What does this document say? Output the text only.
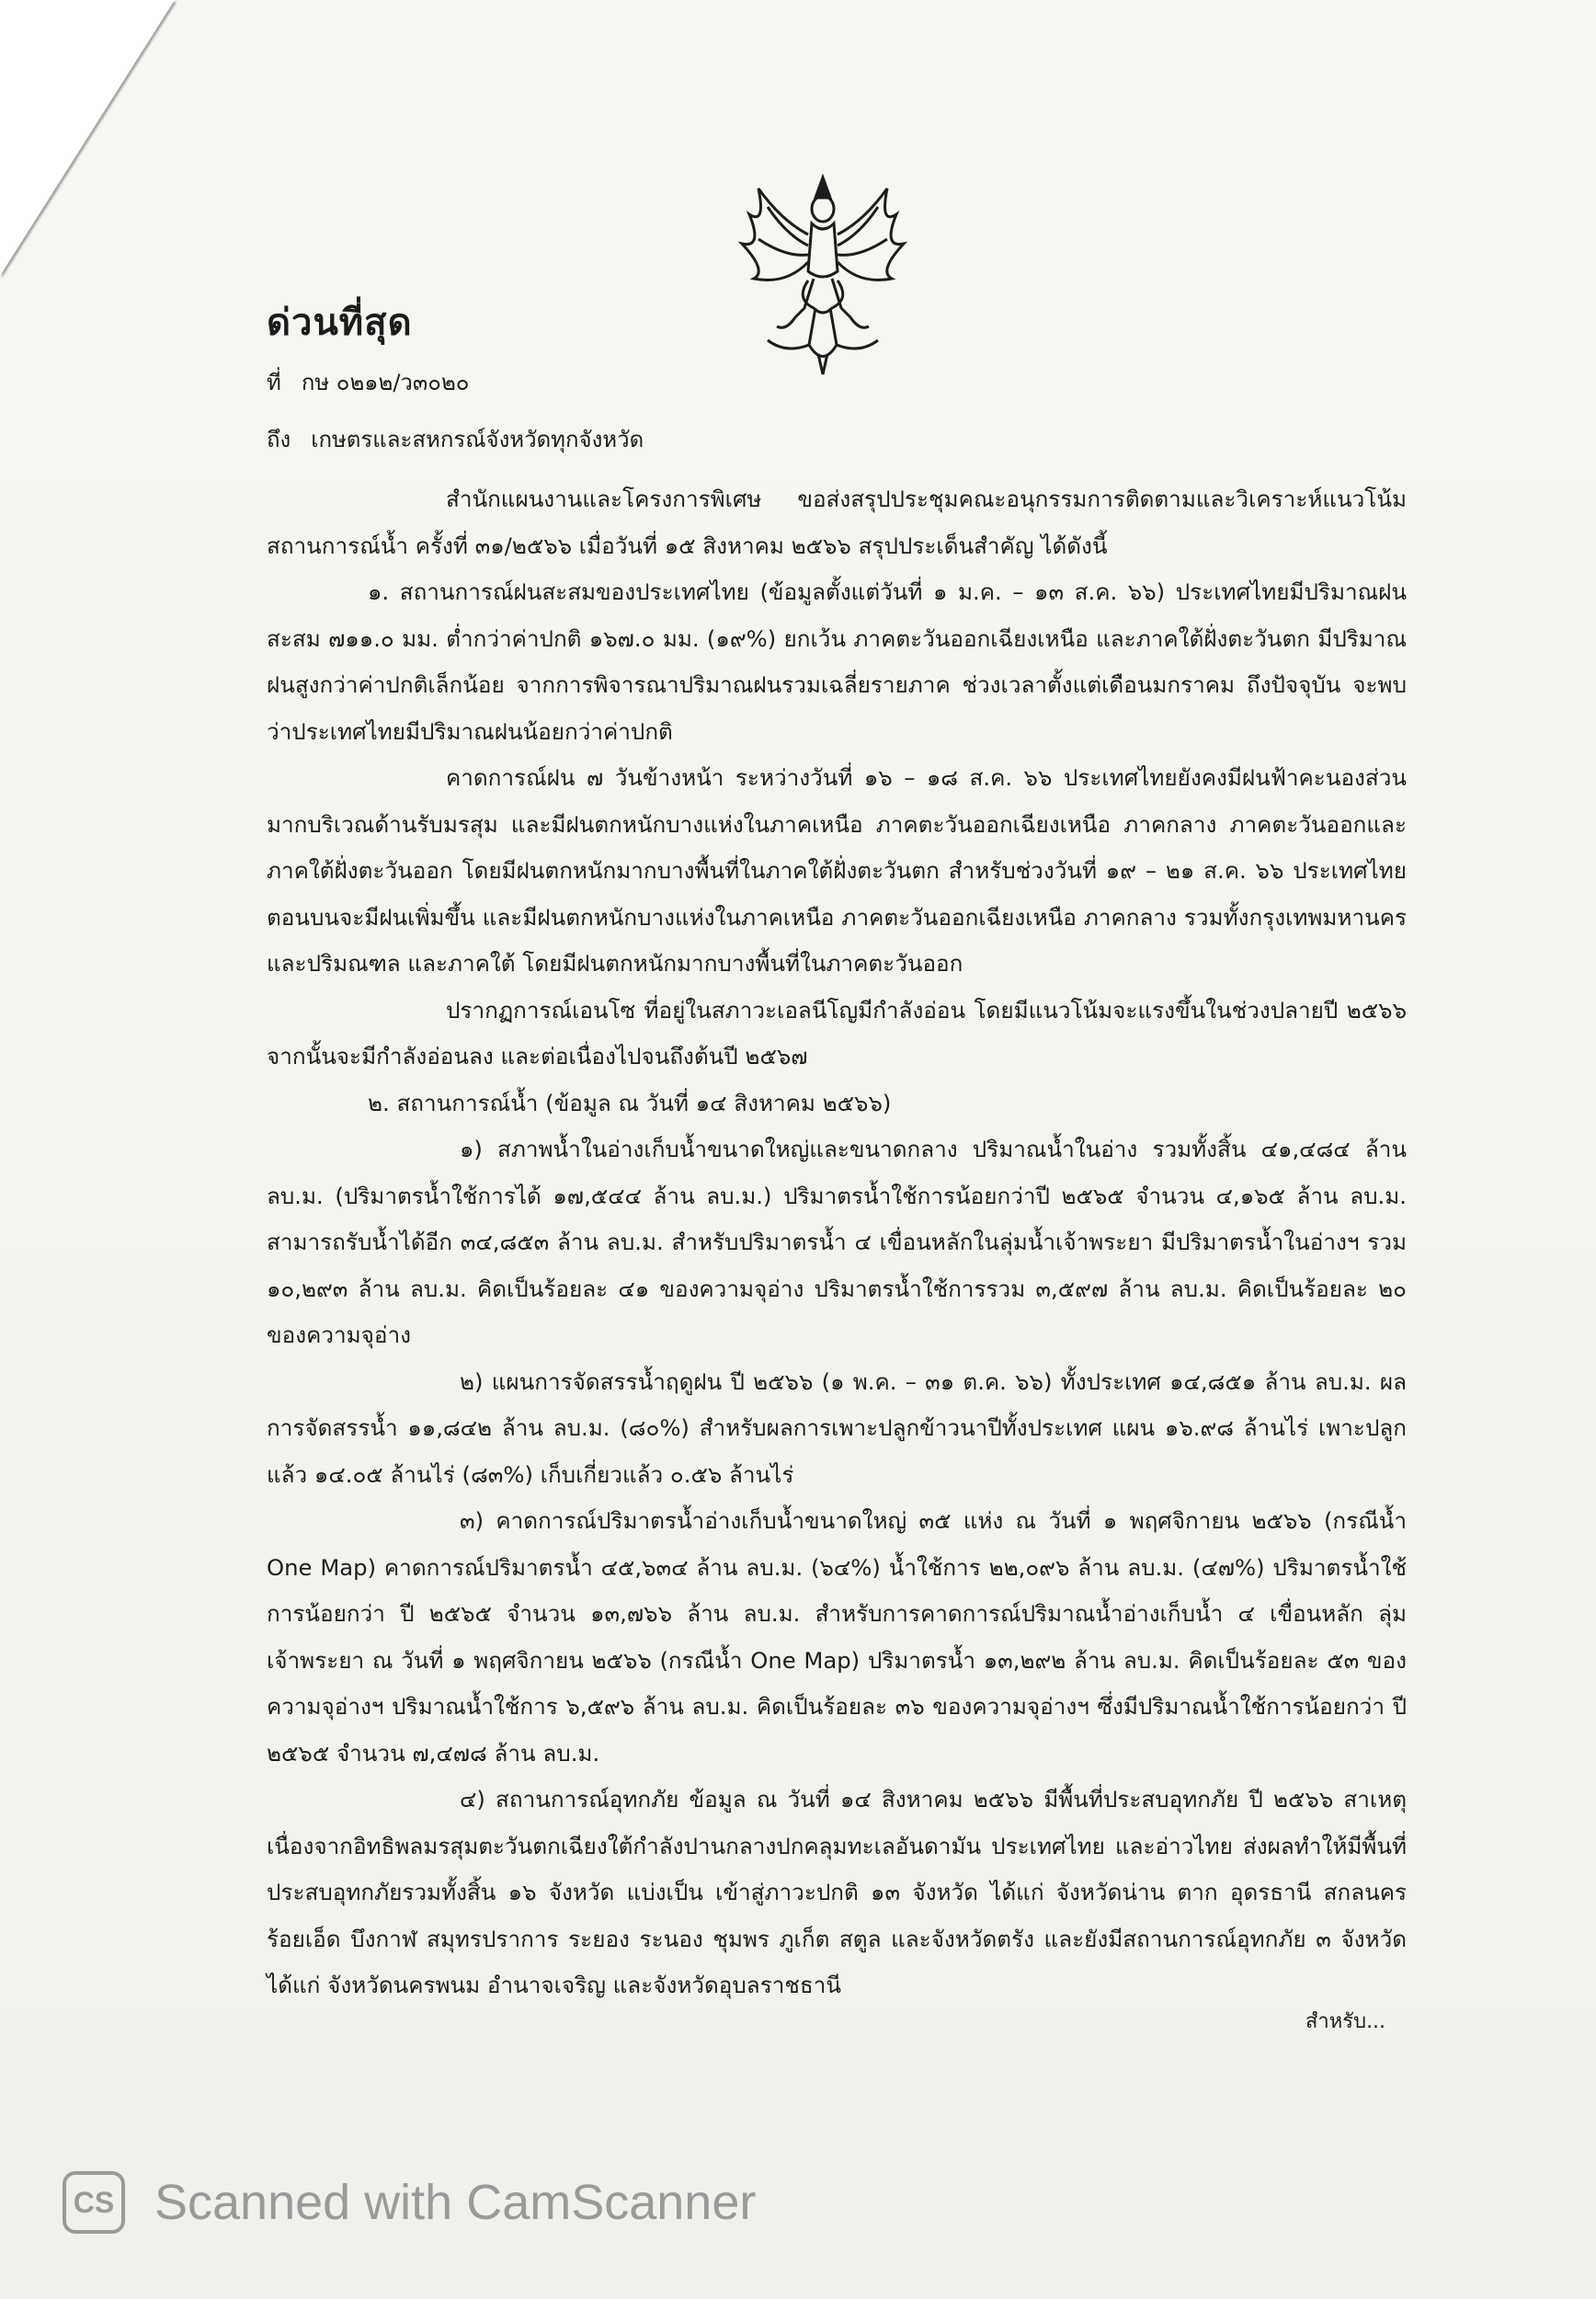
ด่วนที่สุด
ที่ กษ ๐๒๑๒/ว๓๐๒๐
ถึง เกษตรและสหกรณ์จังหวัดทุกจังหวัด

สำนักแผนงานและโครงการพิเศษ ขอส่งสรุปประชุมคณะอนุกรรมการติดตามและวิเคราะห์แนวโน้มสถานการณ์น้ำ ครั้งที่ ๓๑/๒๕๖๖ เมื่อวันที่ ๑๕ สิงหาคม ๒๕๖๖ สรุปประเด็นสำคัญ ได้ดังนี้

๑. สถานการณ์ฝนสะสมของประเทศไทย (ข้อมูลตั้งแต่วันที่ ๑ ม.ค. – ๑๓ ส.ค. ๖๖) ประเทศไทยมีปริมาณฝนสะสม ๗๑๑.๐ มม. ต่ำกว่าค่าปกติ ๑๖๗.๐ มม. (๑๙%) ยกเว้น ภาคตะวันออกเฉียงเหนือ และภาคใต้ฝั่งตะวันตก มีปริมาณฝนสูงกว่าค่าปกติเล็กน้อย จากการพิจารณาปริมาณฝนรวมเฉลี่ยรายภาค ช่วงเวลาตั้งแต่เดือนมกราคม ถึงปัจจุบัน จะพบว่าประเทศไทยมีปริมาณฝนน้อยกว่าค่าปกติ

คาดการณ์ฝน ๗ วันข้างหน้า ระหว่างวันที่ ๑๖ – ๑๘ ส.ค. ๖๖ ประเทศไทยยังคงมีฝนฟ้าคะนองส่วนมากบริเวณด้านรับมรสุม และมีฝนตกหนักบางแห่งในภาคเหนือ ภาคตะวันออกเฉียงเหนือ ภาคกลาง ภาคตะวันออกและภาคใต้ฝั่งตะวันออก โดยมีฝนตกหนักมากบางพื้นที่ในภาคใต้ฝั่งตะวันตก สำหรับช่วงวันที่ ๑๙ – ๒๑ ส.ค. ๖๖ ประเทศไทยตอนบนจะมีฝนเพิ่มขึ้น และมีฝนตกหนักบางแห่งในภาคเหนือ ภาคตะวันออกเฉียงเหนือ ภาคกลาง รวมทั้งกรุงเทพมหานครและปริมณฑล และภาคใต้ โดยมีฝนตกหนักมากบางพื้นที่ในภาคตะวันออก

ปรากฏการณ์เอนโซ ที่อยู่ในสภาวะเอลนีโญมีกำลังอ่อน โดยมีแนวโน้มจะแรงขึ้นในช่วงปลายปี ๒๕๖๖ จากนั้นจะมีกำลังอ่อนลง และต่อเนื่องไปจนถึงต้นปี ๒๕๖๗

๒. สถานการณ์น้ำ (ข้อมูล ณ วันที่ ๑๔ สิงหาคม ๒๕๖๖)

๑) สภาพน้ำในอ่างเก็บน้ำขนาดใหญ่และขนาดกลาง ปริมาณน้ำในอ่าง รวมทั้งสิ้น ๔๑,๔๘๔ ล้าน ลบ.ม. (ปริมาตรน้ำใช้การได้ ๑๗,๕๔๔ ล้าน ลบ.ม.) ปริมาตรน้ำใช้การน้อยกว่าปี ๒๕๖๕ จำนวน ๔,๑๖๕ ล้าน ลบ.ม. สามารถรับน้ำได้อีก ๓๔,๘๕๓ ล้าน ลบ.ม. สำหรับปริมาตรน้ำ ๔ เขื่อนหลักในลุ่มน้ำเจ้าพระยา มีปริมาตรน้ำในอ่างฯ รวม ๑๐,๒๙๓ ล้าน ลบ.ม. คิดเป็นร้อยละ ๔๑ ของความจุอ่าง ปริมาตรน้ำใช้การรวม ๓,๕๙๗ ล้าน ลบ.ม. คิดเป็นร้อยละ ๒๐ ของความจุอ่าง

๒) แผนการจัดสรรน้ำฤดูฝน ปี ๒๕๖๖ (๑ พ.ค. – ๓๑ ต.ค. ๖๖) ทั้งประเทศ ๑๔,๘๕๑ ล้าน ลบ.ม. ผลการจัดสรรน้ำ ๑๑,๘๔๒ ล้าน ลบ.ม. (๘๐%) สำหรับผลการเพาะปลูกข้าวนาปีทั้งประเทศ แผน ๑๖.๙๘ ล้านไร่ เพาะปลูกแล้ว ๑๔.๐๕ ล้านไร่ (๘๓%) เก็บเกี่ยวแล้ว ๐.๕๖ ล้านไร่

๓) คาดการณ์ปริมาตรน้ำอ่างเก็บน้ำขนาดใหญ่ ๓๕ แห่ง ณ วันที่ ๑ พฤศจิกายน ๒๕๖๖ (กรณีน้ำ One Map) คาดการณ์ปริมาตรน้ำ ๔๕,๖๓๔ ล้าน ลบ.ม. (๖๔%) น้ำใช้การ ๒๒,๐๙๖ ล้าน ลบ.ม. (๔๗%) ปริมาตรน้ำใช้การน้อยกว่า ปี ๒๕๖๕ จำนวน ๑๓,๗๖๖ ล้าน ลบ.ม. สำหรับการคาดการณ์ปริมาณน้ำอ่างเก็บน้ำ ๔ เขื่อนหลัก ลุ่มเจ้าพระยา ณ วันที่ ๑ พฤศจิกายน ๒๕๖๖ (กรณีน้ำ One Map) ปริมาตรน้ำ ๑๓,๒๙๒ ล้าน ลบ.ม. คิดเป็นร้อยละ ๕๓ ของความจุอ่างฯ ปริมาณน้ำใช้การ ๖,๕๙๖ ล้าน ลบ.ม. คิดเป็นร้อยละ ๓๖ ของความจุอ่างฯ ซึ่งมีปริมาณน้ำใช้การน้อยกว่า ปี ๒๕๖๕ จำนวน ๗,๔๗๘ ล้าน ลบ.ม.

๔) สถานการณ์อุทกภัย ข้อมูล ณ วันที่ ๑๔ สิงหาคม ๒๕๖๖ มีพื้นที่ประสบอุทกภัย ปี ๒๕๖๖ สาเหตุเนื่องจากอิทธิพลมรสุมตะวันตกเฉียงใต้กำลังปานกลางปกคลุมทะเลอันดามัน ประเทศไทย และอ่าวไทย ส่งผลทำให้มีพื้นที่ประสบอุทกภัยรวมทั้งสิ้น ๑๖ จังหวัด แบ่งเป็น เข้าสู่ภาวะปกติ ๑๓ จังหวัด ได้แก่ จังหวัดน่าน ตาก อุดรธานี สกลนคร ร้อยเอ็ด บึงกาฬ สมุทรปราการ ระยอง ระนอง ชุมพร ภูเก็ต สตูล และจังหวัดตรัง และยังมีสถานการณ์อุทกภัย ๓ จังหวัด ได้แก่ จังหวัดนครพนม อำนาจเจริญ และจังหวัดอุบลราชธานี

สำหรับ...
CS Scanned with CamScanner
